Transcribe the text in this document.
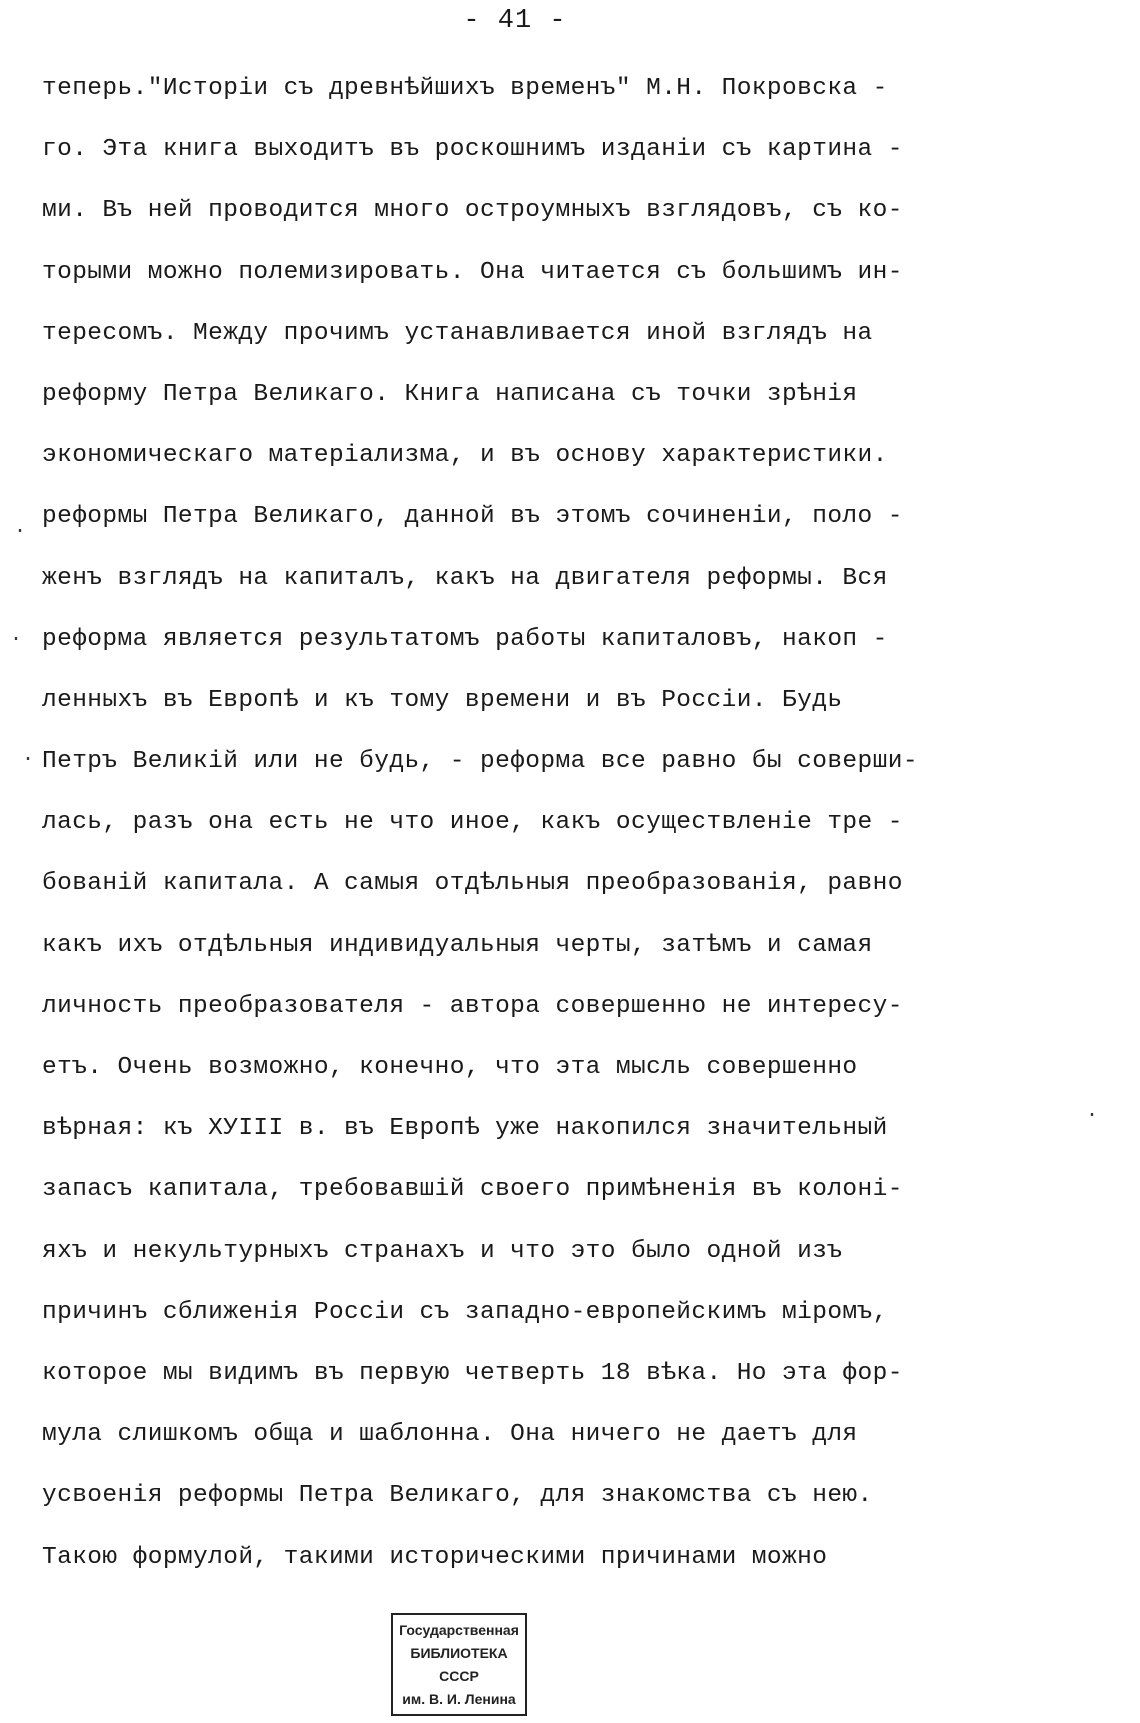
- 41 -
теперь."Исторiи съ древнѣйшихъ временъ" М.Н. Покровска -
го. Эта книга выходитъ въ роскошнимъ изданiи съ картина -
ми. Въ ней проводится много остроумныхъ взглядовъ, съ ко-
торыми можно полемизировать. Она читается съ большимъ ин-
тересомъ. Между прочимъ устанавливается иной взглядъ на
реформу Петра Великаго. Книга написана съ точки зрѣнiя
экономическаго матерiализма, и въ основу характеристики.
реформы Петра Великаго, данной въ этомъ сочиненiи, поло -
женъ взглядъ на капиталъ, какъ на двигателя реформы. Вся
реформа является результатомъ работы капиталовъ, накоп -
ленныхъ въ Европѣ и къ тому времени и въ Россiи. Будь
Петръ Великiй или не будь, - реформа все равно бы соверши-
лась, разъ она есть не что иное, какъ осуществленiе тре -
бованiй капитала. А самыя отдѣльныя преобразованiя, равно
какъ ихъ отдѣльныя индивидуальныя черты, затѣмъ и самая
личность преобразователя - автора совершенно не интересу-
етъ. Очень возможно, конечно, что эта мысль совершенно
вѣрная: къ ХУIII в. въ Европѣ уже накопился значительный
запасъ капитала, требовавшiй своего примѣненiя въ колонi-
яхъ и некультурныхъ странахъ и что это было одной изъ
причинъ сближенiя Россiи съ западно-европейскимъ мiромъ,
которое мы видимъ въ первую четверть 18 вѣка. Но эта фор-
мула слишкомъ обща и шаблонна. Она ничего не даетъ для
усвоенiя реформы Петра Великаго, для знакомства съ нею.
Такою формулой, такими историческими причинами можно
·
·
·
·
Государственная
БИБЛИОТЕКА
СССР
им. В. И. Ленина
